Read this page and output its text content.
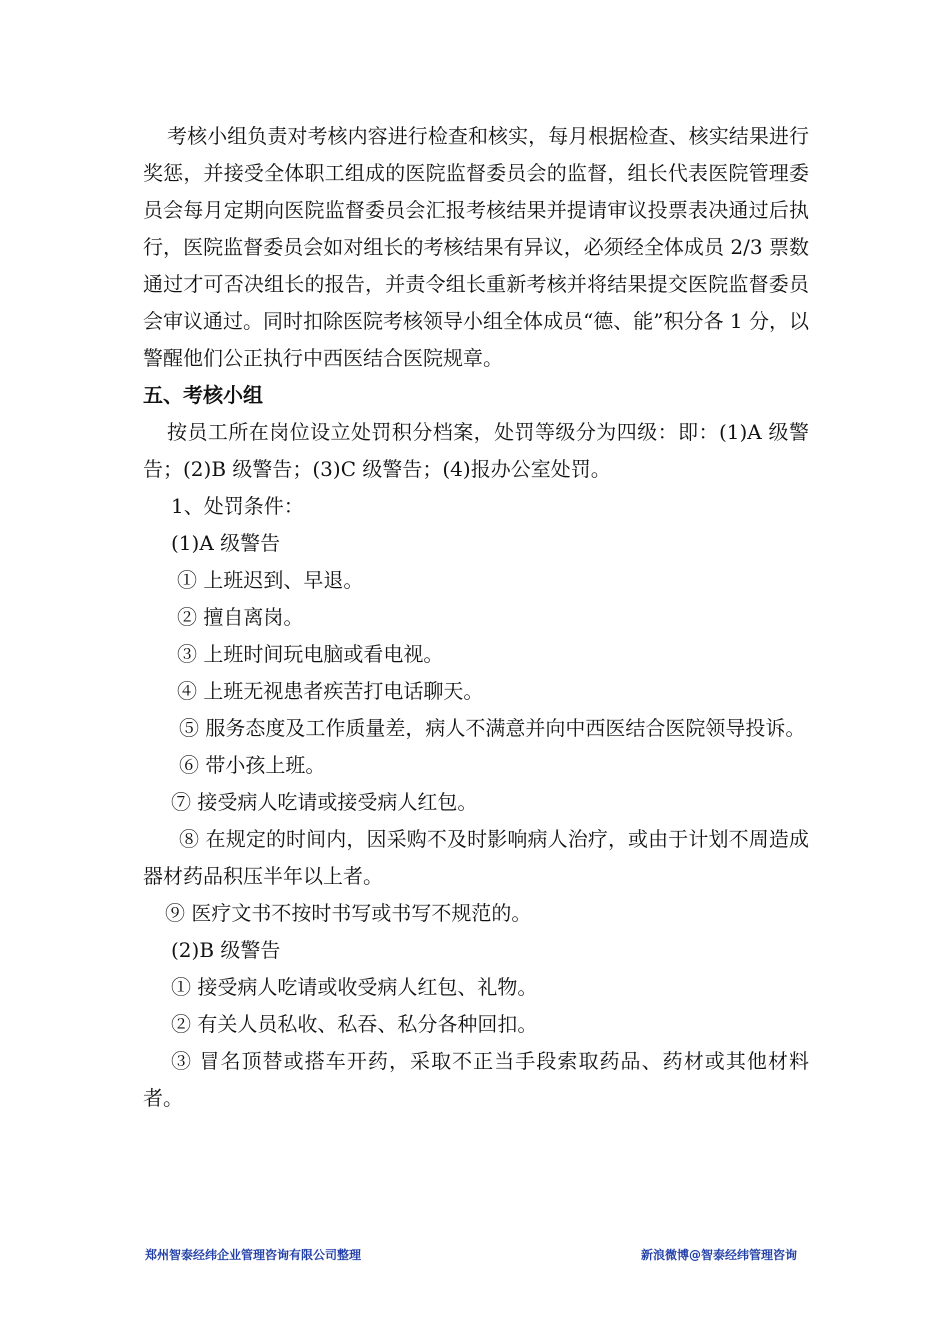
考核小组负责对考核内容进行检查和核实，每月根据检查、核实结果进行奖惩，并接受全体职工组成的医院监督委员会的监督，组长代表医院管理委员会每月定期向医院监督委员会汇报考核结果并提请审议投票表决通过后执行，医院监督委员会如对组长的考核结果有异议，必须经全体成员 2/3 票数通过才可否决组长的报告，并责令组长重新考核并将结果提交医院监督委员会审议通过。同时扣除医院考核领导小组全体成员“德、能”积分各 1 分，以警醒他们公正执行中西医结合医院规章。

五、考核小组

按员工所在岗位设立处罚积分档案，处罚等级分为四级：即：(1)A 级警告；(2)B 级警告；(3)C 级警告；(4)报办公室处罚。

1、处罚条件：

(1)A 级警告

① 上班迟到、早退。

② 擅自离岗。

③ 上班时间玩电脑或看电视。

④ 上班无视患者疾苦打电话聊天。

⑤ 服务态度及工作质量差，病人不满意并向中西医结合医院领导投诉。

⑥ 带小孩上班。

⑦ 接受病人吃请或接受病人红包。

⑧ 在规定的时间内，因采购不及时影响病人治疗，或由于计划不周造成器材药品积压半年以上者。

⑨ 医疗文书不按时书写或书写不规范的。

(2)B 级警告

① 接受病人吃请或收受病人红包、礼物。

② 有关人员私收、私吞、私分各种回扣。

③ 冒名顶替或搭车开药，采取不正当手段索取药品、药材或其他材料者。

郑州智泰经纬企业管理咨询有限公司整理	新浪微博@智泰经纬管理咨询
